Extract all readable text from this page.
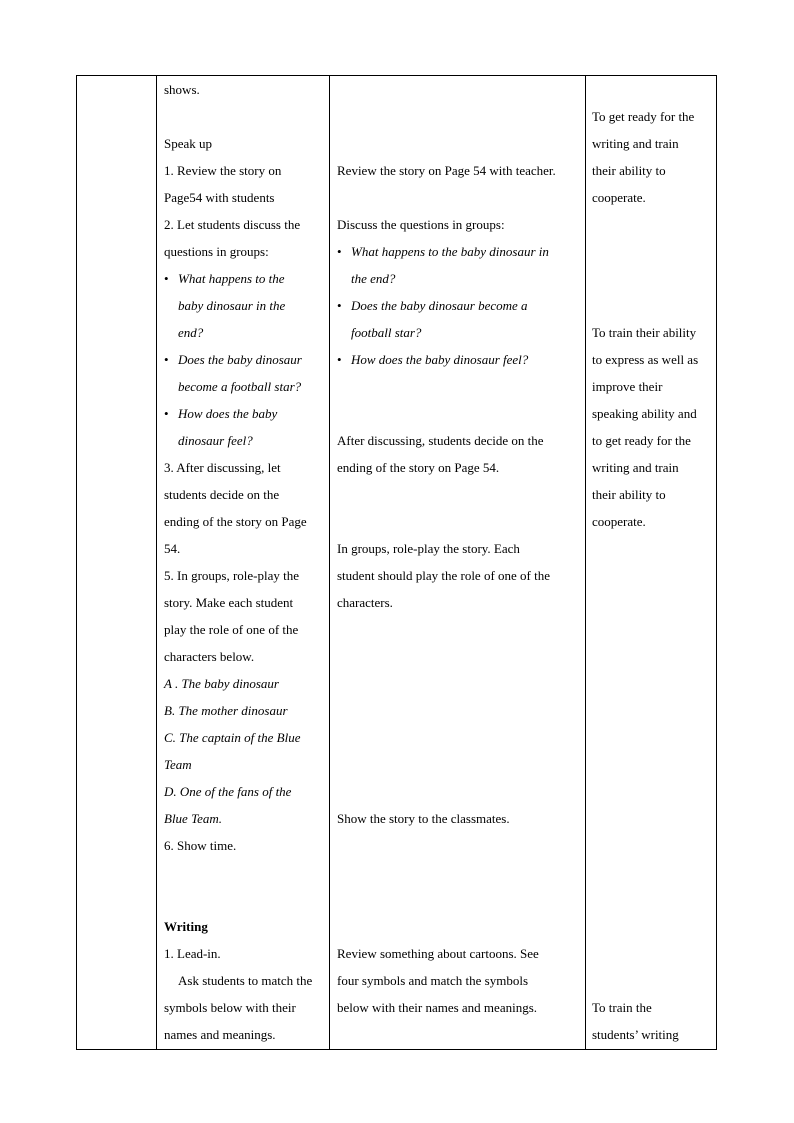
shows.
Speak up
1. Review the story on
Page54 with students
2. Let students discuss the
questions in groups:
• What happens to the
baby dinosaur in the
end?
• Does the baby dinosaur
become a football star?
• How does the baby
dinosaur feel?
3. After discussing, let
students decide on the
ending of the story on Page
54.
5. In groups, role-play the
story. Make each student
play the role of one of the
characters below.
A . The baby dinosaur
B. The mother dinosaur
C. The captain of the Blue
Team
D. One of the fans of the
Blue Team.
6. Show time.
Writing
1. Lead-in.
Ask students to match the
symbols below with their
names and meanings.
Review the story on Page 54 with teacher.
Discuss the questions in groups:
• What happens to the baby dinosaur in
the end?
• Does the baby dinosaur become a
football star?
• How does the baby dinosaur feel?
After discussing, students decide on the
ending of the story on Page 54.
In groups, role-play the story. Each
student should play the role of one of the
characters.
Show the story to the classmates.
Review something about cartoons. See
four symbols and match the symbols
below with their names and meanings.
To get ready for the
writing and train
their ability to
cooperate.
To train their ability
to express as well as
improve their
speaking ability and
to get ready for the
writing and train
their ability to
cooperate.
To train the
students’ writing
